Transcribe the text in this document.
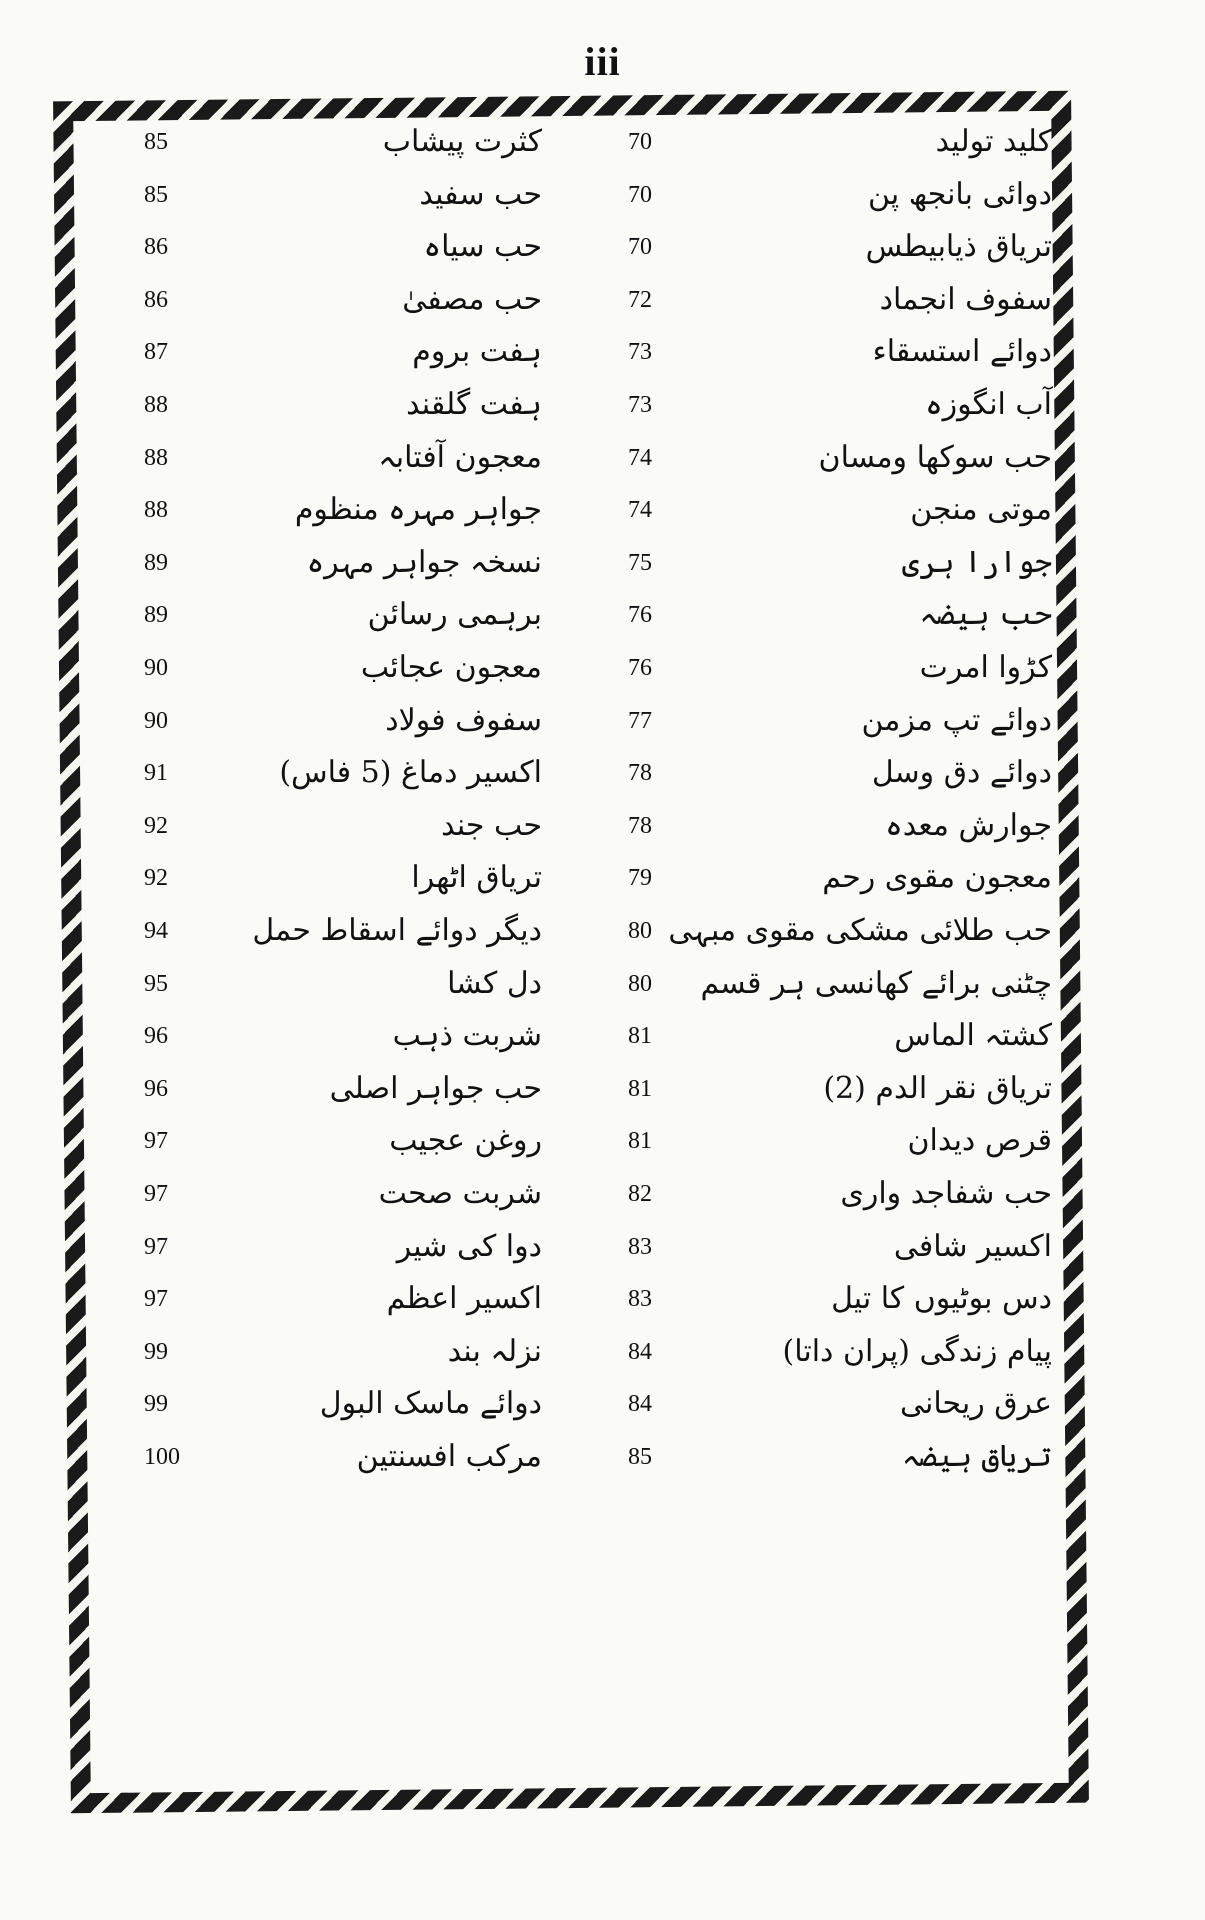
iii
کلید تولید
70
دوائی بانجھ پن
70
تریاق ذیابیطس
70
سفوف انجماد
72
دوائے استسقاء
73
آب انگوزہ
73
حب سوکھا ومسان
74
موتی منجن
74
جوارا ہری
75
حب ہیضہ
76
کڑوا امرت
76
دوائے تپ مزمن
77
دوائے دق وسل
78
جوارش معدہ
78
معجون مقوی رحم
79
حب طلائی مشکی مقوی مبہی
80
چٹنی برائے کھانسی ہر قسم
80
کشتہ الماس
81
تریاق نقر الدم (2)
81
قرص دیدان
81
حب شفاجد واری
82
اکسیر شافی
83
دس بوٹیوں کا تیل
83
پیام زندگی (پران داتا)
84
عرق ریحانی
84
تریاق ہیضہ
85
کثرت پیشاب
85
حب سفید
85
حب سیاہ
86
حب مصفیٰ
86
ہفت بروم
87
ہفت گلقند
88
معجون آفتابہ
88
جواہر مہرہ منظوم
88
نسخہ جواہر مہرہ
89
برہمی رسائن
89
معجون عجائب
90
سفوف فولاد
90
اکسیر دماغ (5 فاس)
91
حب جند
92
تریاق اٹھرا
92
دیگر دوائے اسقاط حمل
94
دل کشا
95
شربت ذہب
96
حب جواہر اصلی
96
روغن عجیب
97
شربت صحت
97
دوا کی شیر
97
اکسیر اعظم
97
نزلہ بند
99
دوائے ماسک البول
99
مرکب افسنتین
100
